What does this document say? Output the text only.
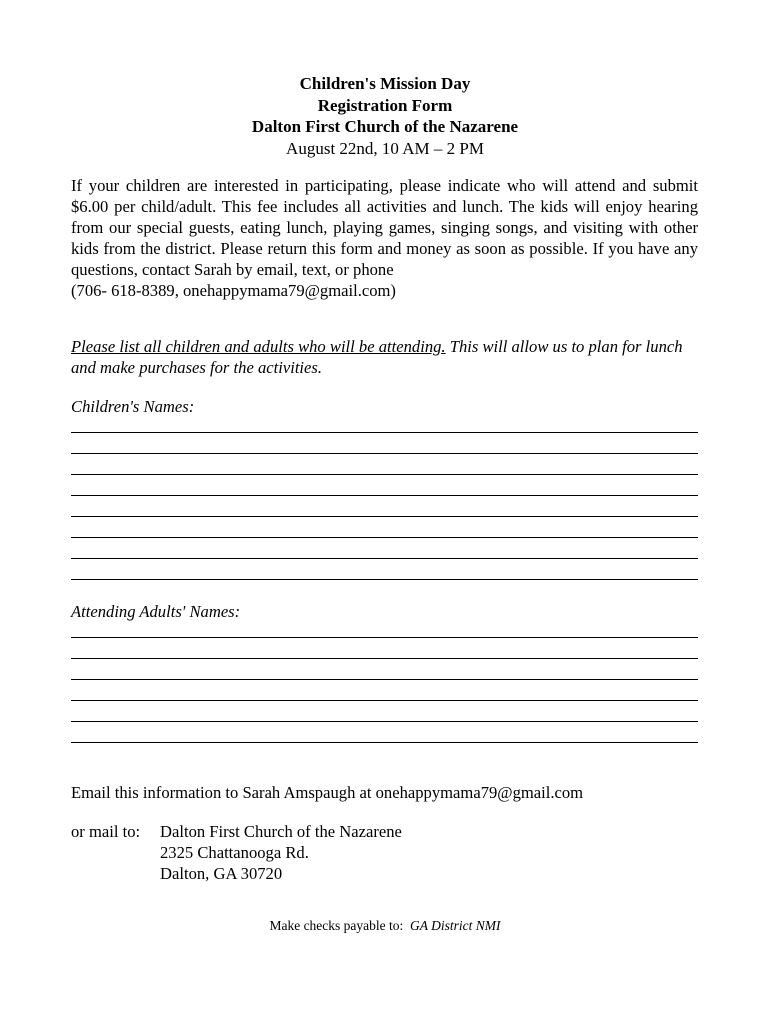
Children's Mission Day
Registration Form
Dalton First Church of the Nazarene
August 22nd, 10 AM – 2 PM

If your children are interested in participating, please indicate who will attend and submit $6.00 per child/adult. This fee includes all activities and lunch. The kids will enjoy hearing from our special guests, eating lunch, playing games, singing songs, and visiting with other kids from the district. Please return this form and money as soon as possible. If you have any questions, contact Sarah by email, text, or phone

(706- 618-8389, onehappymama79@gmail.com)

Please list all children and adults who will be attending. This will allow us to plan for lunch and make purchases for the activities.
Children's Names:
Attending Adults' Names:
Email this information to Sarah Amspaugh at onehappymama79@gmail.com
or mail to: Dalton First Church of the Nazarene
2325 Chattanooga Rd.
Dalton, GA 30720
Make checks payable to:  GA District NMI
